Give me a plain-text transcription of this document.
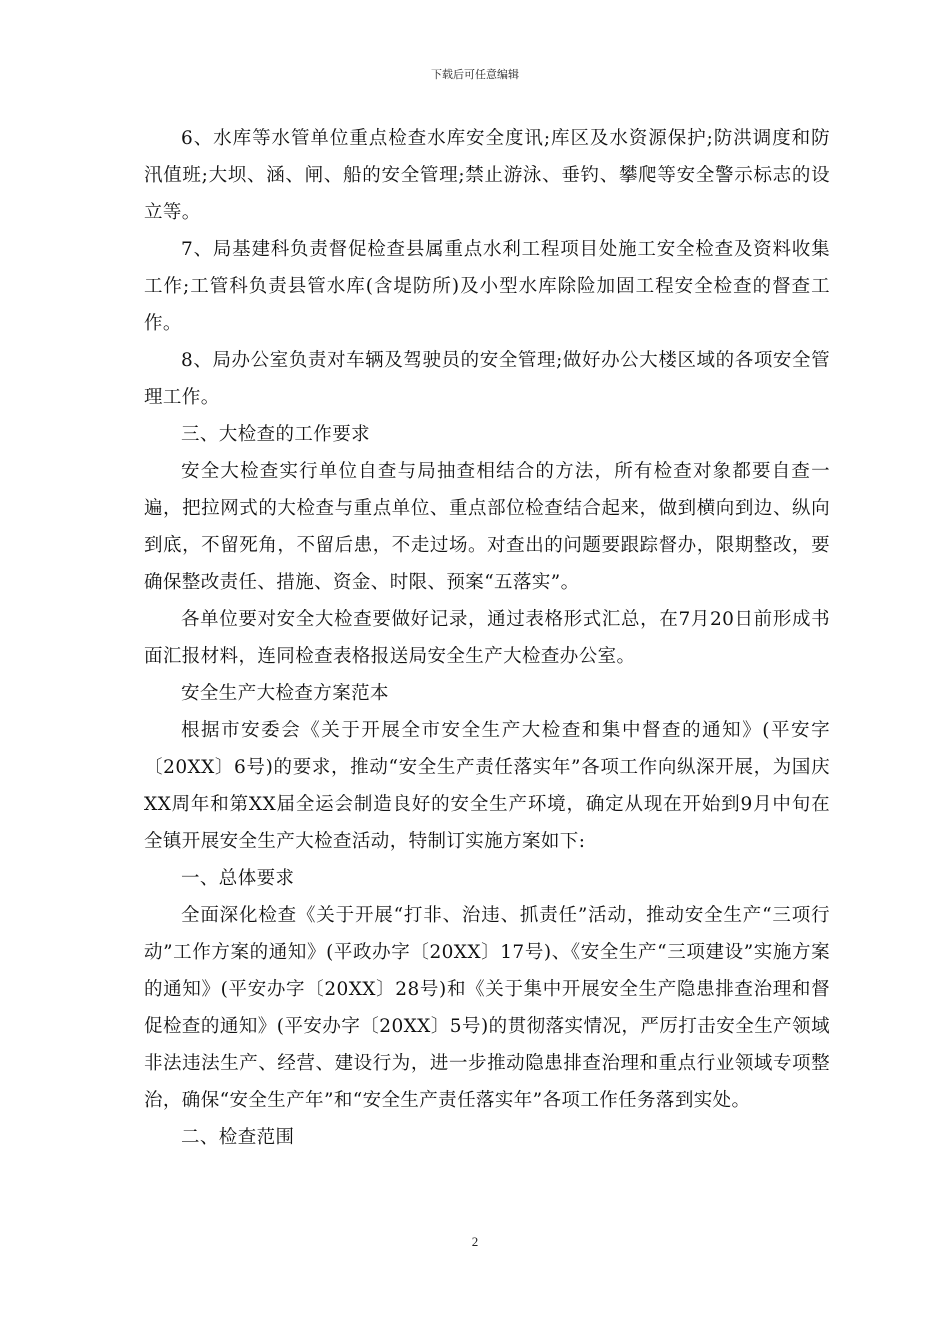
下载后可任意编辑

6、水库等水管单位重点检查水库安全度讯;库区及水资源保护;防洪调度和防汛值班;大坝、涵、闸、船的安全管理;禁止游泳、垂钓、攀爬等安全警示标志的设立等。

7、局基建科负责督促检查县属重点水利工程项目处施工安全检查及资料收集工作;工管科负责县管水库(含堤防所)及小型水库除险加固工程安全检查的督查工作。

8、局办公室负责对车辆及驾驶员的安全管理;做好办公大楼区域的各项安全管理工作。

三、大检查的工作要求

安全大检查实行单位自查与局抽查相结合的方法，所有检查对象都要自查一遍，把拉网式的大检查与重点单位、重点部位检查结合起来，做到横向到边、纵向到底，不留死角，不留后患，不走过场。对查出的问题要跟踪督办，限期整改，要确保整改责任、措施、资金、时限、预案“五落实”。

各单位要对安全大检查要做好记录，通过表格形式汇总，在7月20日前形成书面汇报材料，连同检查表格报送局安全生产大检查办公室。

安全生产大检查方案范本

根据市安委会《关于开展全市安全生产大检查和集中督查的通知》(平安字〔20XX〕6号)的要求，推动“安全生产责任落实年”各项工作向纵深开展，为国庆XX周年和第XX届全运会制造良好的安全生产环境，确定从现在开始到9月中旬在全镇开展安全生产大检查活动，特制订实施方案如下:

一、总体要求

全面深化检查《关于开展“打非、治违、抓责任”活动，推动安全生产“三项行动”工作方案的通知》(平政办字〔20XX〕17号)、《安全生产“三项建设”实施方案的通知》(平安办字〔20XX〕28号)和《关于集中开展安全生产隐患排查治理和督促检查的通知》(平安办字〔20XX〕5号)的贯彻落实情况，严厉打击安全生产领域非法违法生产、经营、建设行为，进一步推动隐患排查治理和重点行业领域专项整治，确保“安全生产年”和“安全生产责任落实年”各项工作任务落到实处。

二、检查范围

2
